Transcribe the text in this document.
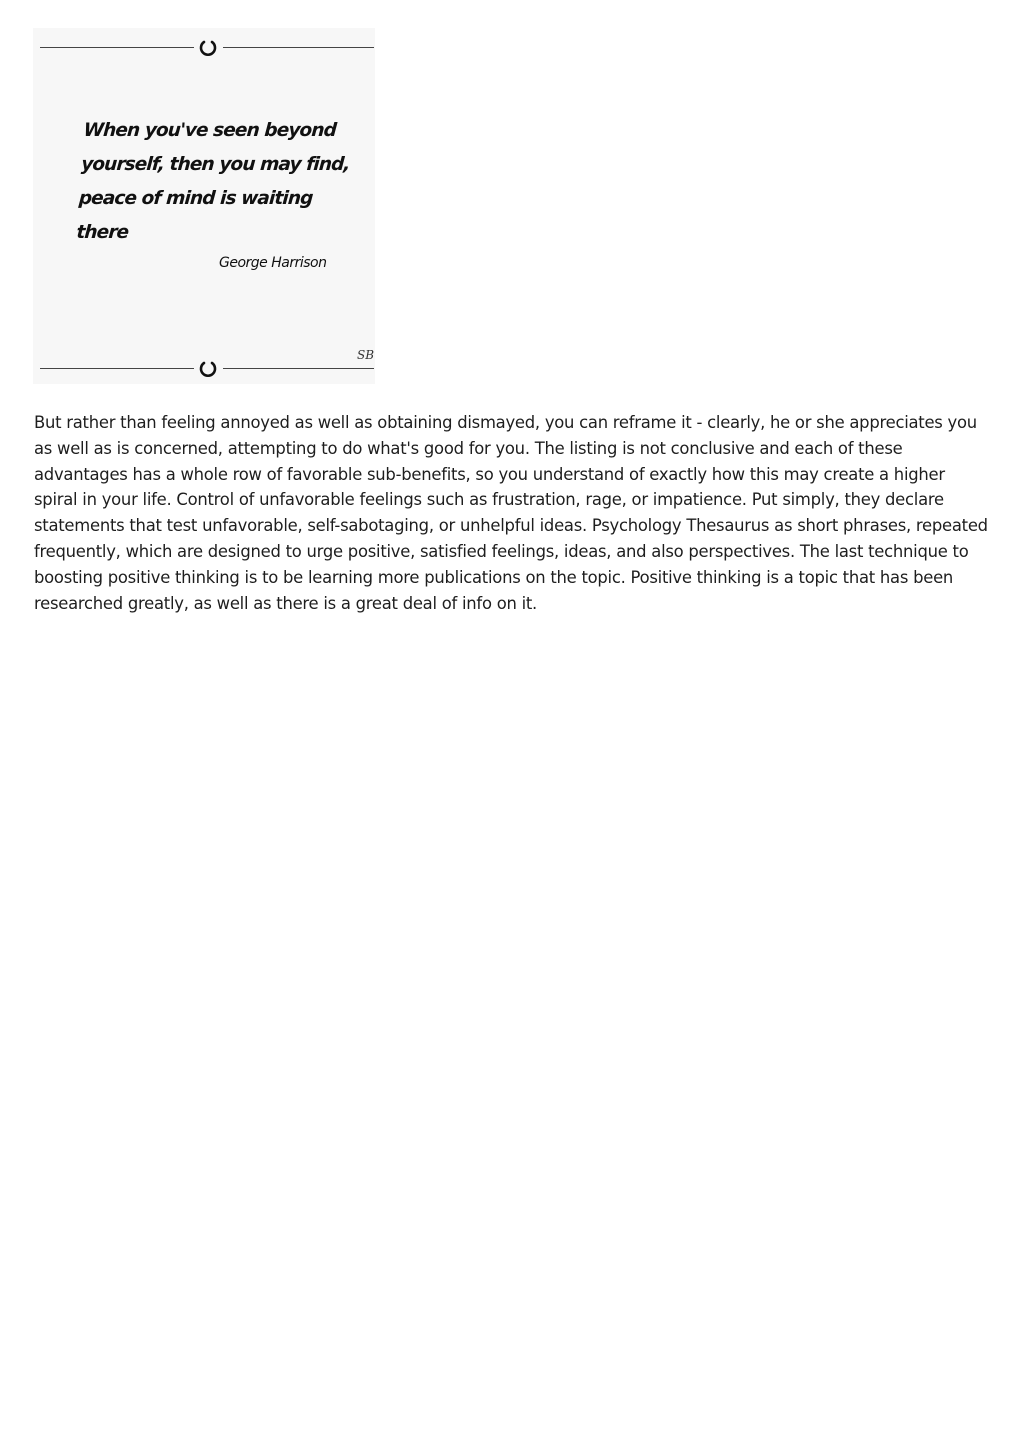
When you've seen beyond
yourself, then you may find,
peace of mind is waiting there

George Harrison

SB

But rather than feeling annoyed as well as obtaining dismayed, you can reframe it - clearly, he or she appreciates you as well as is concerned, attempting to do what's good for you. The listing is not conclusive and each of these advantages has a whole row of favorable sub-benefits, so you understand of exactly how this may create a higher spiral in your life. Control of unfavorable feelings such as frustration, rage, or impatience. Put simply, they declare statements that test unfavorable, self-sabotaging, or unhelpful ideas. Psychology Thesaurus as short phrases, repeated frequently, which are designed to urge positive, satisfied feelings, ideas, and also perspectives. The last technique to boosting positive thinking is to be learning more publications on the topic. Positive thinking is a topic that has been researched greatly, as well as there is a great deal of info on it.
